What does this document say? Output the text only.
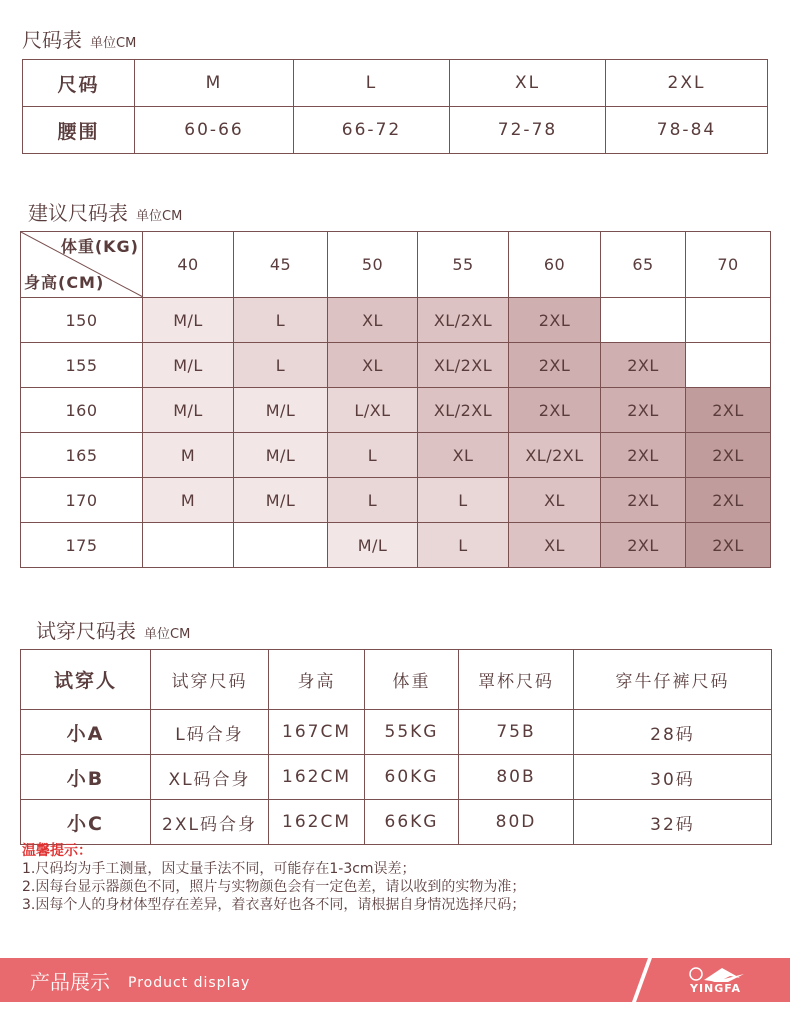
尺码表 单位CM
尺码	M	L	XL	2XL
腰围	60-66	66-72	72-78	78-84
建议尺码表 单位CM
体重(KG)
身高(CM)	40	45	50	55	60	65	70
150	M/L	L	XL	XL/2XL	2XL		
155	M/L	L	XL	XL/2XL	2XL	2XL	
160	M/L	M/L	L/XL	XL/2XL	2XL	2XL	2XL
165	M	M/L	L	XL	XL/2XL	2XL	2XL
170	M	M/L	L	L	XL	2XL	2XL
175			M/L	L	XL	2XL	2XL
试穿尺码表 单位CM
试穿人	试穿尺码	身高	体重	罩杯尺码	穿牛仔裤尺码
小A	L码合身	167CM	55KG	75B	28码
小B	XL码合身	162CM	60KG	80B	30码
小C	2XL码合身	162CM	66KG	80D	32码
温馨提示：
1.尺码均为手工测量，因丈量手法不同，可能存在1-3cm误差；
2.因每台显示器颜色不同，照片与实物颜色会有一定色差，请以收到的实物为准；
3.因每个人的身材体型存在差异，着衣喜好也各不同，请根据自身情况选择尺码；
产品展示 Product display	YINGFA
